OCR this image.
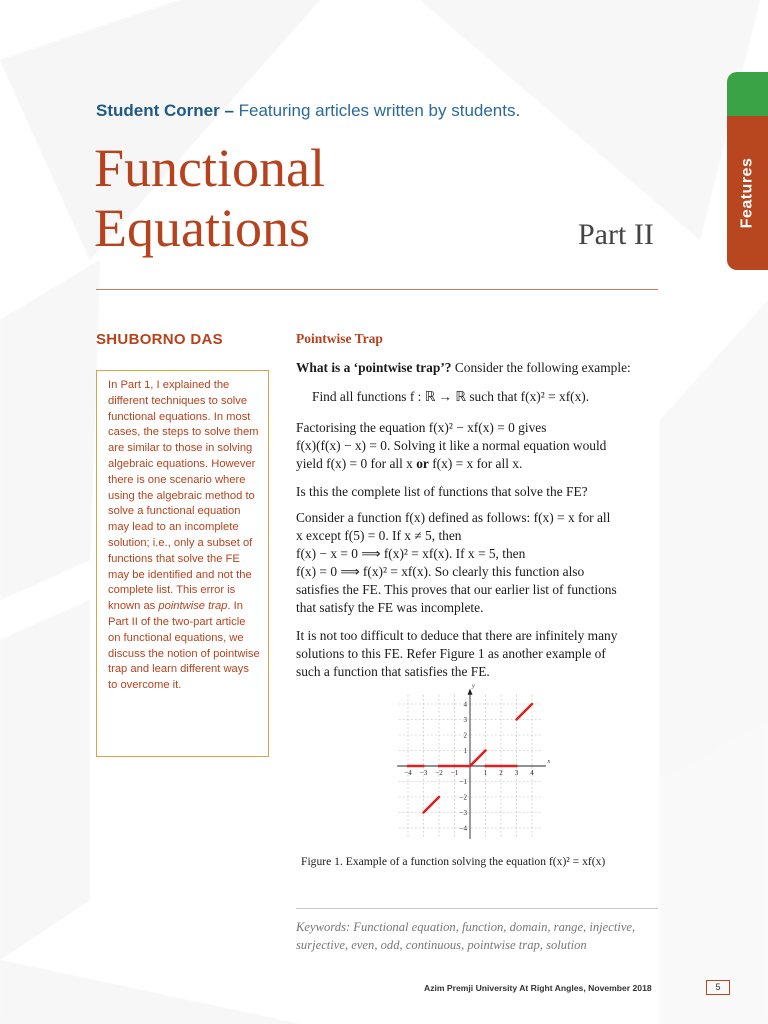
Student Corner – Featuring articles written by students.
Functional
Equations	Part II
Features
SHUBORNO DAS
In Part 1, I explained the different techniques to solve functional equations. In most cases, the steps to solve them are similar to those in solving algebraic equations. However there is one scenario where using the algebraic method to solve a functional equation may lead to an incomplete solution; i.e., only a subset of functions that solve the FE may be identified and not the complete list. This error is known as pointwise trap. In Part II of the two-part article on functional equations, we discuss the notion of pointwise trap and learn different ways to overcome it.
Pointwise Trap

What is a ‘pointwise trap’? Consider the following example:

Find all functions f : ℝ → ℝ such that f(x)² = xf(x).

Factorising the equation f(x)² − xf(x) = 0 gives

f(x)(f(x) − x) = 0. Solving it like a normal equation would

yield f(x) = 0 for all x or f(x) = x for all x.

Is this the complete list of functions that solve the FE?

Consider a function f(x) defined as follows: f(x) = x for all

x except f(5) = 0. If x ≠ 5, then

f(x) − x = 0 ⟹ f(x)² = xf(x). If x = 5, then

f(x) = 0 ⟹ f(x)² = xf(x). So clearly this function also

satisfies the FE. This proves that our earlier list of functions

that satisfy the FE was incomplete.

It is not too difficult to deduce that there are infinitely many

solutions to this FE. Refer Figure 1 as another example of

such a function that satisfies the FE.

x
y
−4 −3 −2 −1	1 2 3 4
4
3
2
1
−1
−2
−3
−4
Figure 1. Example of a function solving the equation f(x)² = xf(x)
Keywords: Functional equation, function, domain, range, injective, surjective, even, odd, continuous, pointwise trap, solution
Azim Premji University At Right Angles, November 2018	5
